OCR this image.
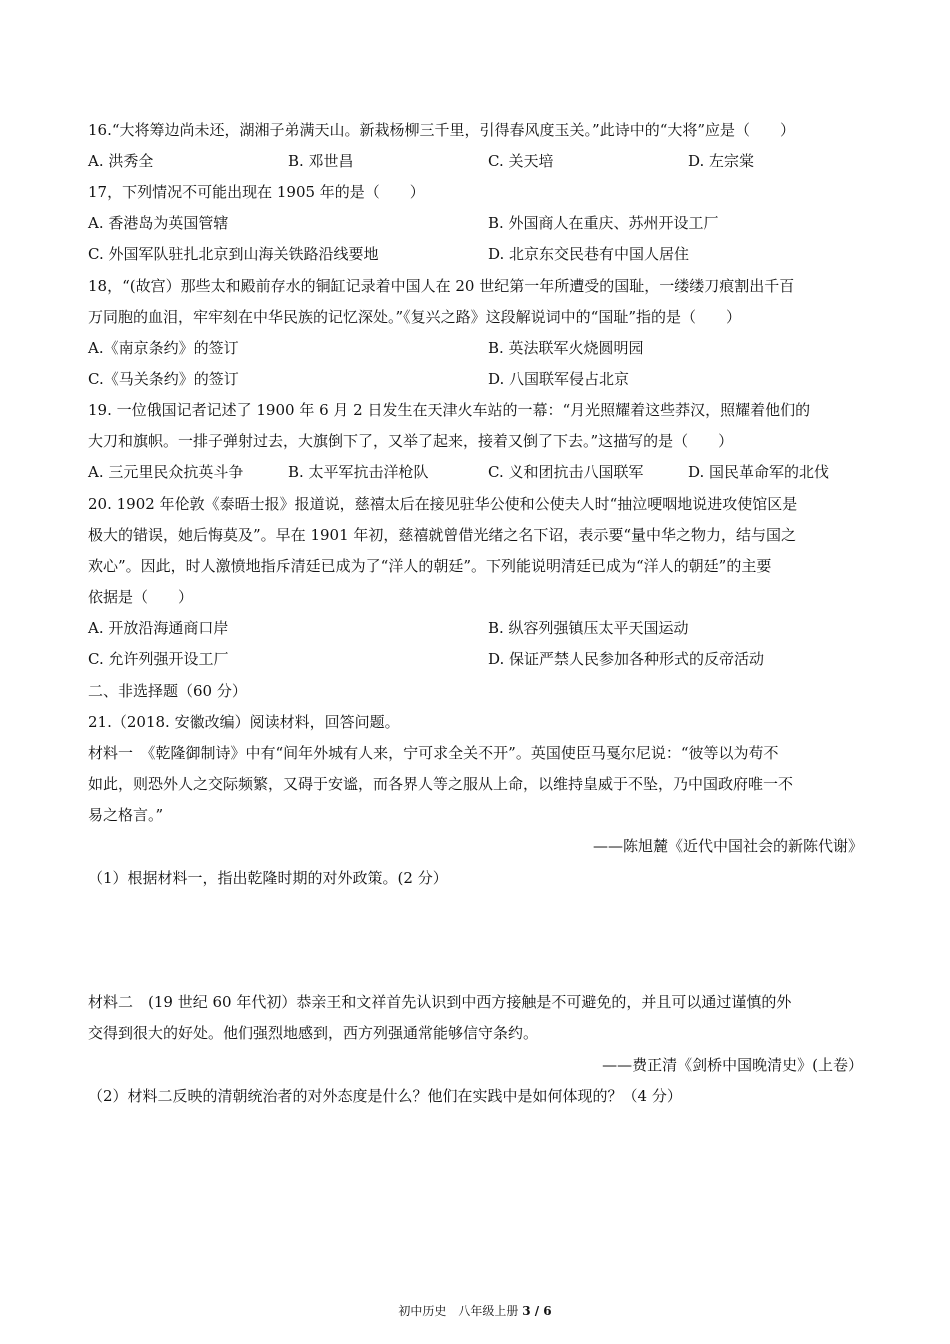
16.“大将筹边尚未还，湖湘子弟满天山。新栽杨柳三千里，引得春风度玉关。”此诗中的“大将”应是（　　）
A. 洪秀全	B. 邓世昌	C. 关天培	D. 左宗棠
17，下列情况不可能出现在 1905 年的是（　　）
A. 香港岛为英国管辖	B. 外国商人在重庆、苏州开设工厂
C. 外国军队驻扎北京到山海关铁路沿线要地	D. 北京东交民巷有中国人居住
18，“(故宫）那些太和殿前存水的铜缸记录着中国人在 20 世纪第一年所遭受的国耻，一缕缕刀痕割出千百
万同胞的血泪，牢牢刻在中华民族的记忆深处。”《复兴之路》这段解说词中的“国耻”指的是（　　）
A.《南京条约》的签订	B. 英法联军火烧圆明园
C.《马关条约》的签订	D. 八国联军侵占北京
19. 一位俄国记者记述了 1900 年 6 月 2 日发生在天津火车站的一幕：“月光照耀着这些莽汉，照耀着他们的
大刀和旗帜。一排子弹射过去，大旗倒下了，又举了起来，接着又倒了下去。”这描写的是（　　）
A. 三元里民众抗英斗争	B. 太平军抗击洋枪队	C. 义和团抗击八国联军	D. 国民革命军的北伐
20. 1902 年伦敦《泰晤士报》报道说，慈禧太后在接见驻华公使和公使夫人时“抽泣哽咽地说进攻使馆区是
极大的错误，她后悔莫及”。早在 1901 年初，慈禧就曾借光绪之名下诏，表示要“量中华之物力，结与国之
欢心”。因此，时人激愤地指斥清廷已成为了“洋人的朝廷”。下列能说明清廷已成为“洋人的朝廷”的主要
依据是（　　）
A. 开放沿海通商口岸	B. 纵容列强镇压太平天国运动
C. 允许列强开设工厂	D. 保证严禁人民参加各种形式的反帝活动
二、非选择题（60 分）
21.（2018. 安徽改编）阅读材料，回答问题。
材料一　《乾隆御制诗》中有“间年外城有人来，宁可求全关不开”。英国使臣马戛尔尼说：“彼等以为苟不
如此，则恐外人之交际频繁，又碍于安谧，而各界人等之服从上命，以维持皇威于不坠，乃中国政府唯一不
易之格言。”
——陈旭麓《近代中国社会的新陈代谢》
（1）根据材料一，指出乾隆时期的对外政策。(2 分）
材料二　(19 世纪 60 年代初）恭亲王和文祥首先认识到中西方接触是不可避免的，并且可以通过谨慎的外
交得到很大的好处。他们强烈地感到，西方列强通常能够信守条约。
——费正清《剑桥中国晚清史》(上卷）
（2）材料二反映的清朝统治者的对外态度是什么？他们在实践中是如何体现的？（4 分）
初中历史　八年级上册 3 / 6
